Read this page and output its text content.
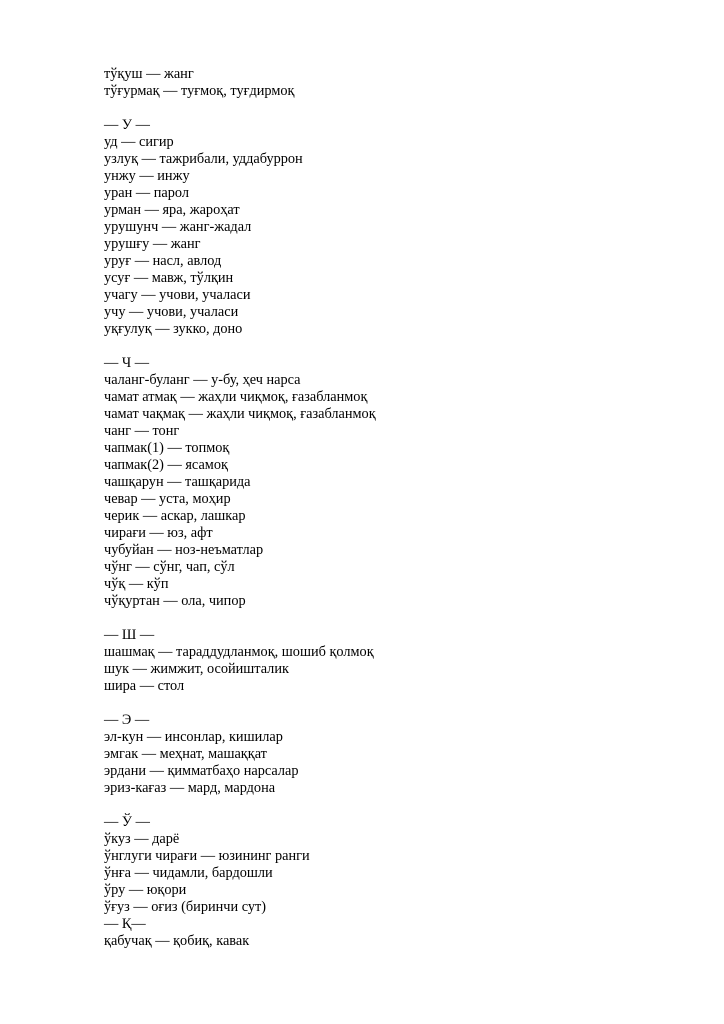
тўқуш — жанг
тўғурмақ — туғмоқ, туғдирмоқ
— У —
уд — сигир
узлуқ — тажрибали, уддабуррон
унжу — инжу
уран — парол
урман — яра, жароҳат
урушунч — жанг-жадал
урушғу — жанг
уруғ — насл, авлод
усуғ — мавж, тўлқин
учагу — учови, учаласи
учу — учови, учаласи
уқғулуқ — зукко, доно
— Ч —
чаланг-буланг — у-бу, ҳеч нарса
чамат атмақ — жаҳли чиқмоқ, ғазабланмоқ
чамат чақмақ — жаҳли чиқмоқ, ғазабланмоқ
чанг — тонг
чапмак(1) — топмоқ
чапмак(2) — ясамоқ
чашқарун — ташқарида
чевар — уста, моҳир
черик — аскар, лашкар
чирағи — юз, афт
чубуйан — ноз-неъматлар
чўнг — сўнг, чап, сўл
чўқ — кўп
чўқуртан — ола, чипор
— Ш —
шашмақ — тараддудланмоқ, шошиб қолмоқ
шук — жимжит, осойишталик
шира — стол
— Э —
эл-кун — инсонлар, кишилар
эмгак — меҳнат, машаққат
эрдани — қимматбаҳо нарсалар
эриз-кағаз — мард, мардона
— Ў —
ўкуз — дарё
ўнглуги чирағи — юзининг ранги
ўнға — чидамли, бардошли
ўру — юқори
ўғуз — оғиз (биринчи сут)
— Қ—
қабучақ — қобиқ, кавак
